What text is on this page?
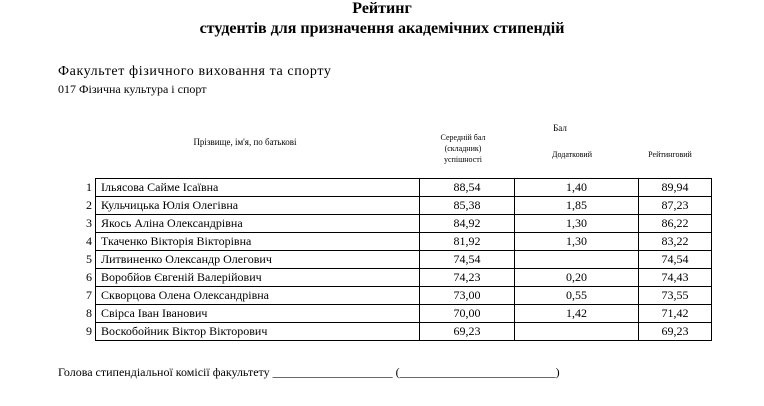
Рейтинг
студентів для призначення академічних стипендій
Факультет фізичного виховання та спорту
017 Фізична культура і спорт
Прізвище, ім'я, по батькові
Бал
Середній бал
(складник)
успішності
Додатковий	Рейтинговий
1	Ільясова Сайме Ісаївна	88,54	1,40	89,94
2	Кульчицька Юлія Олегівна	85,38	1,85	87,23
3	Якось Аліна Олександрівна	84,92	1,30	86,22
4	Ткаченко Вікторія Вікторівна	81,92	1,30	83,22
5	Литвиненко Олександр Олегович	74,54		74,54
6	Воробйов Євгеній Валерійович	74,23	0,20	74,43
7	Скворцова Олена Олександрівна	73,00	0,55	73,55
8	Свірса Іван Іванович	70,00	1,42	71,42
9	Воскобойник Віктор Вікторович	69,23		69,23
Голова стипендіальної комісії факультету ____________________ (__________________________)
